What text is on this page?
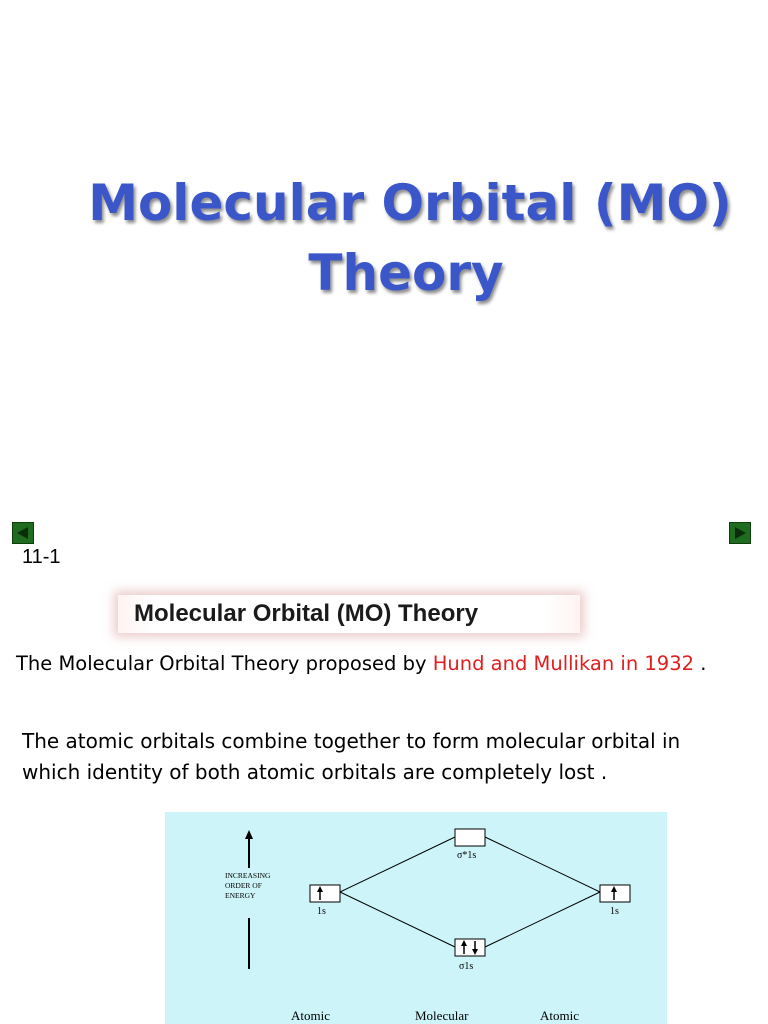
Molecular Orbital (MO)
Theory
11-1
Molecular Orbital (MO) Theory
The Molecular Orbital Theory proposed by Hund and Mullikan in 1932 .
The atomic orbitals combine together to form molecular orbital in which identity of both atomic orbitals are completely lost .
INCREASING
ORDER OF
ENERGY
σ*1s
1s	1s
σ1s
Atomic	Molecular	Atomic
